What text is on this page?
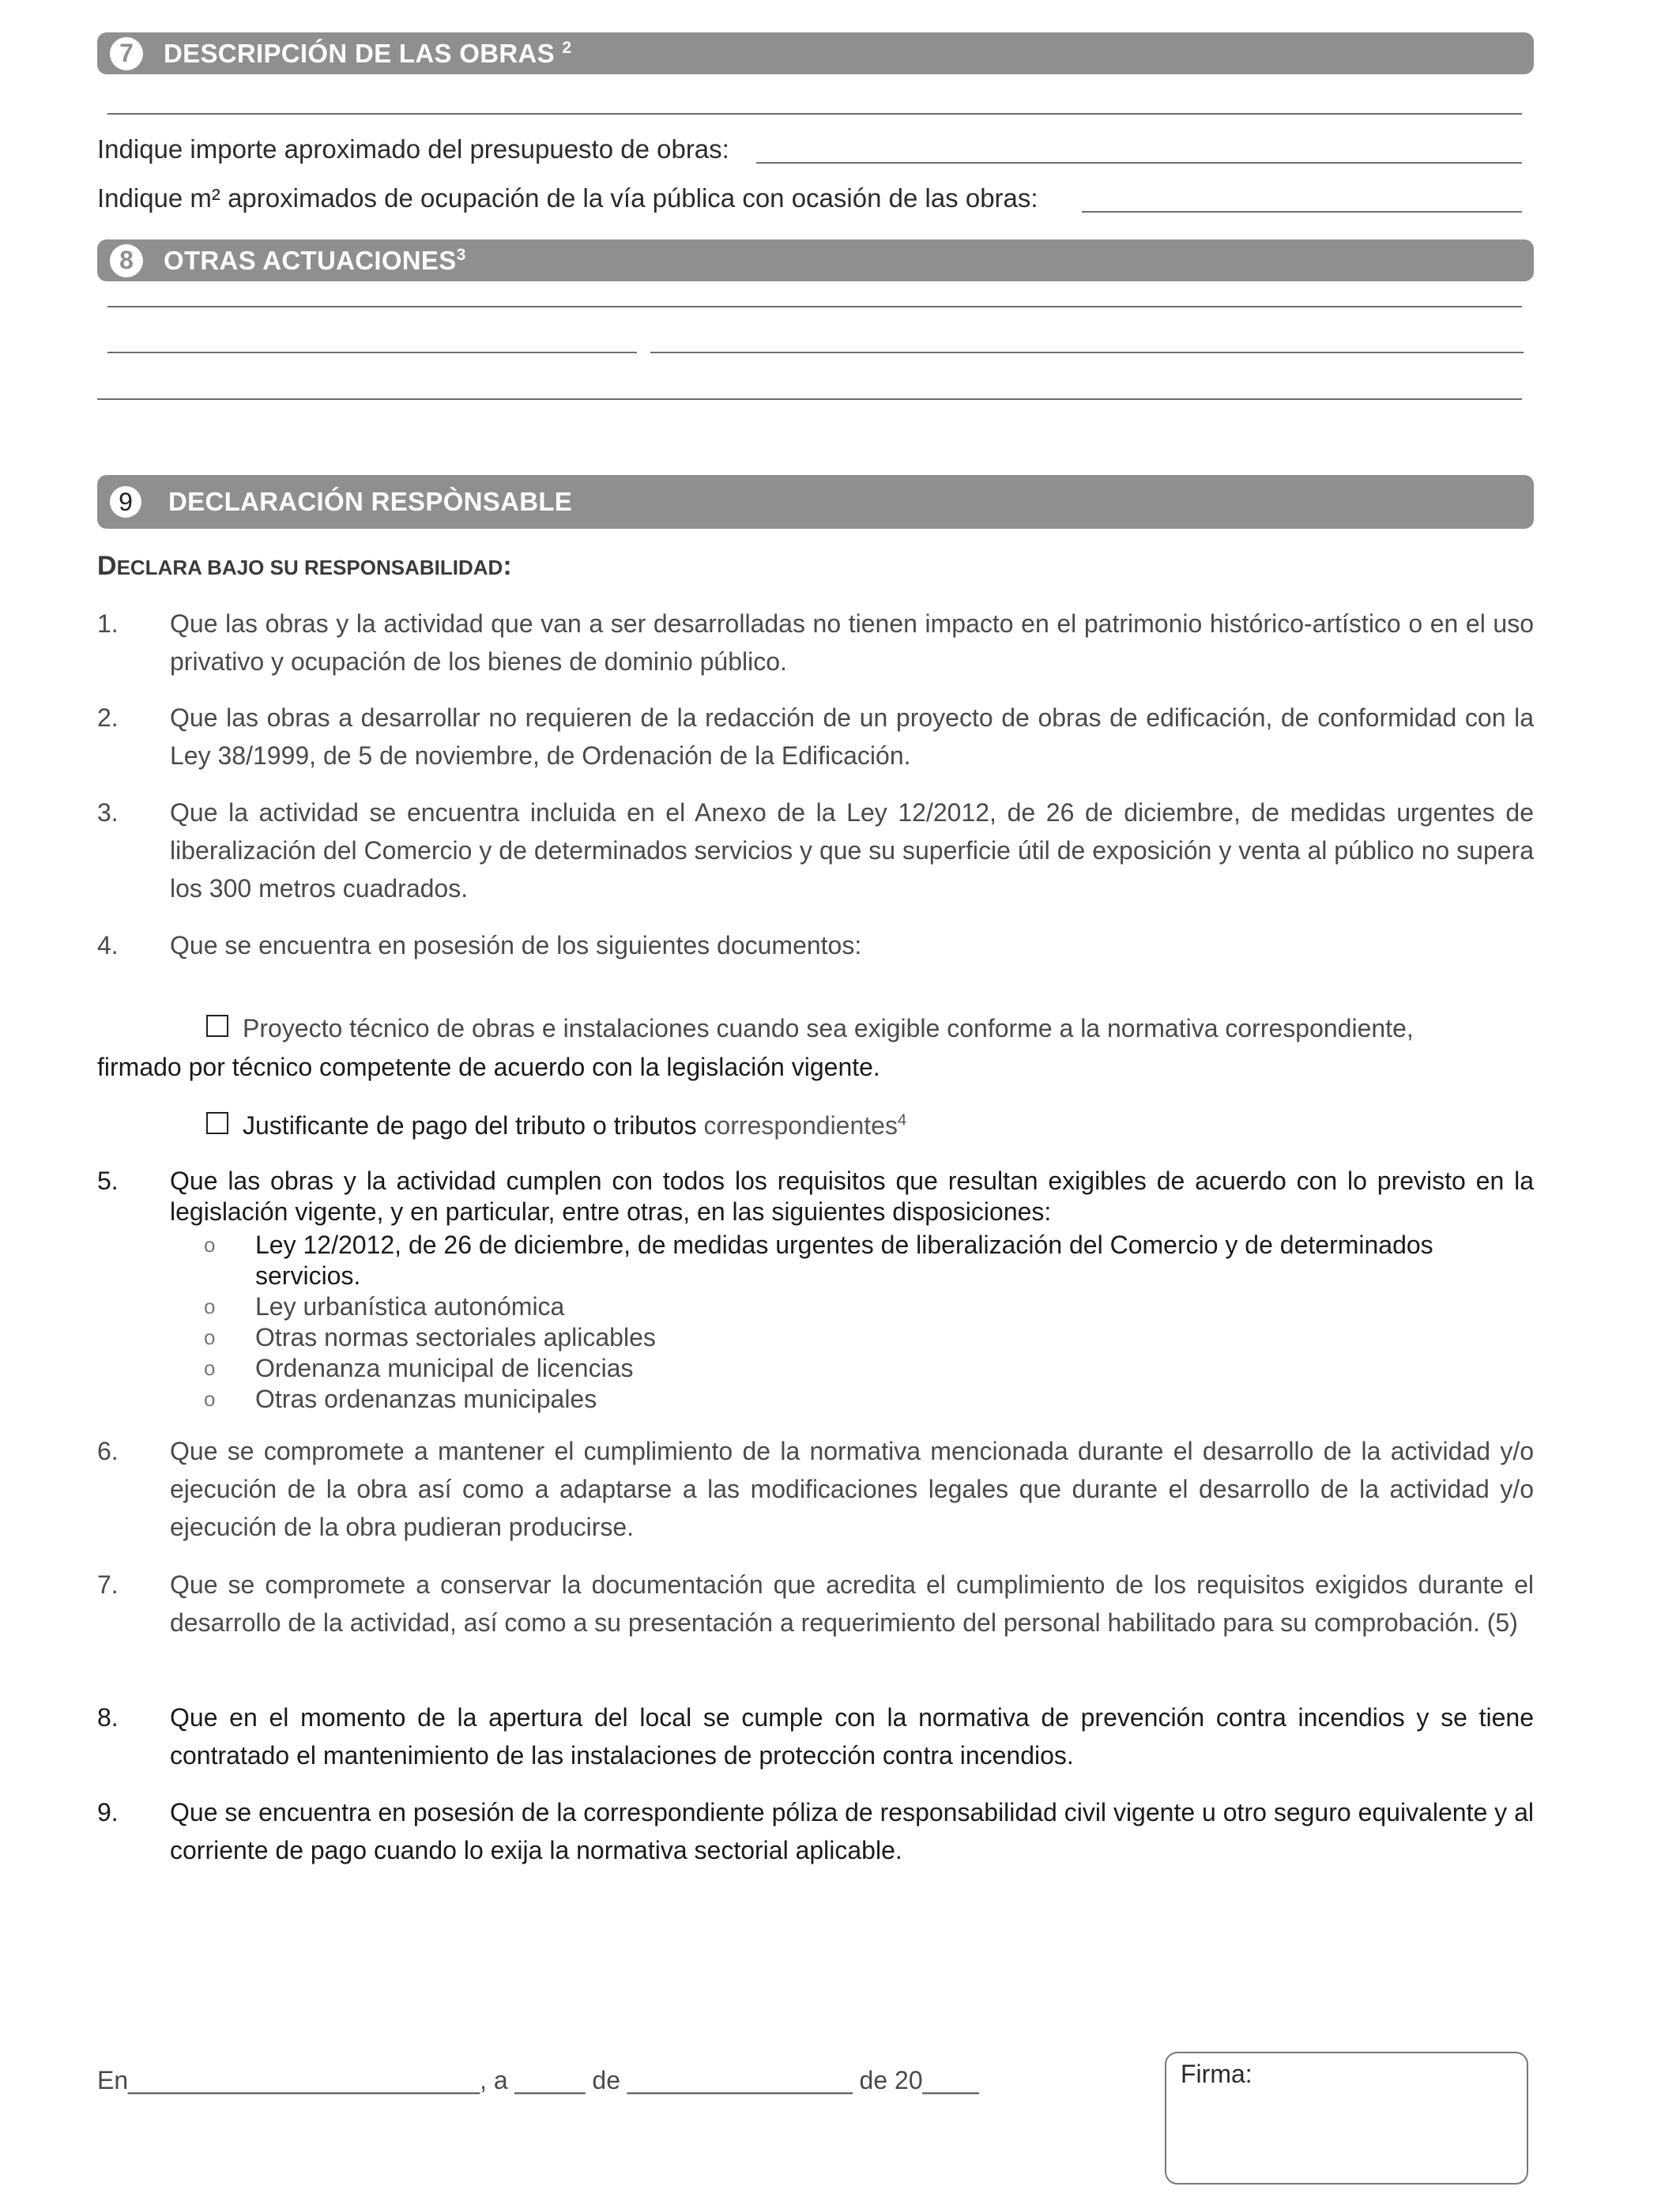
7	DESCRIPCIÓN DE LAS OBRAS $^2$
Indique importe aproximado del presupuesto de obras:
Indique m² aproximados de ocupación de la vía pública con ocasión de las obras:
8	OTRAS ACTUACIONES$^3$
9	DECLARACIÓN RESPÒNSABLE
DECLARA BAJO SU RESPONSABILIDAD:
1. Que las obras y la actividad que van a ser desarrolladas no tienen impacto en el patrimonio histórico-artístico o en el uso privativo y ocupación de los bienes de dominio público.
2. Que las obras a desarrollar no requieren de la redacción de un proyecto de obras de edificación, de conformidad con la Ley 38/1999, de 5 de noviembre, de Ordenación de la Edificación.
3. Que la actividad se encuentra incluida en el Anexo de la Ley 12/2012, de 26 de diciembre, de medidas urgentes de liberalización del Comercio y de determinados servicios y que su superficie útil de exposición y venta al público no supera los 300 metros cuadrados.
4. Que se encuentra en posesión de los siguientes documentos:
Proyecto técnico de obras e instalaciones cuando sea exigible conforme a la normativa correspondiente,
firmado por técnico competente de acuerdo con la legislación vigente.
Justificante de pago del tributo o tributos correspondientes$^4$
5. Que las obras y la actividad cumplen con todos los requisitos que resultan exigibles de acuerdo con lo previsto en la legislación vigente, y en particular, entre otras, en las siguientes disposiciones:
o Ley 12/2012, de 26 de diciembre, de medidas urgentes de liberalización del Comercio y de determinados
servicios.
o Ley urbanística autonómica
o Otras normas sectoriales aplicables
o Ordenanza municipal de licencias
o Otras ordenanzas municipales
6. Que se compromete a mantener el cumplimiento de la normativa mencionada durante el desarrollo de la actividad y/o ejecución de la obra así como a adaptarse a las modificaciones legales que durante el desarrollo de la actividad y/o ejecución de la obra pudieran producirse.
7. Que se compromete a conservar la documentación que acredita el cumplimiento de los requisitos exigidos durante el desarrollo de la actividad, así como a su presentación a requerimiento del personal habilitado para su comprobación. (5)
8. Que en el momento de la apertura del local se cumple con la normativa de prevención contra incendios y se tiene contratado el mantenimiento de las instalaciones de protección contra incendios.
9. Que se encuentra en posesión de la correspondiente póliza de responsabilidad civil vigente u otro seguro equivalente y al corriente de pago cuando lo exija la normativa sectorial aplicable.
En_________________________, a _____ de ________________ de 20____	Firma:
